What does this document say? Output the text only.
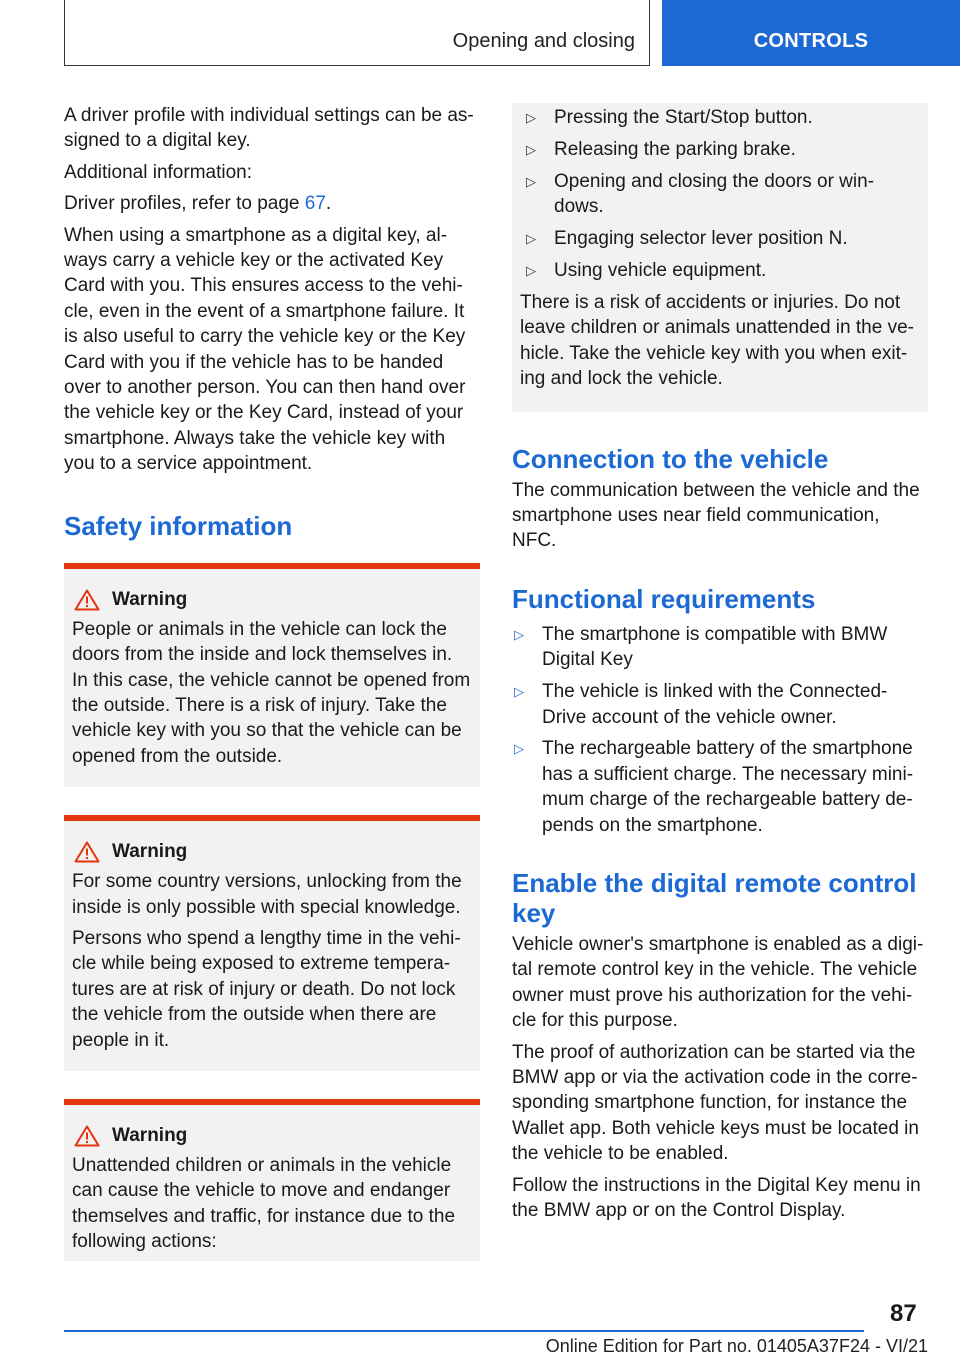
Opening and closing	CONTROLS

A driver profile with individual settings can be as-signed to a digital key.

Additional information:

Driver profiles, refer to page 67.

When using a smartphone as a digital key, al-ways carry a vehicle key or the activated Key Card with you. This ensures access to the vehi-cle, even in the event of a smartphone failure. It is also useful to carry the vehicle key or the Key Card with you if the vehicle has to be handed over to another person. You can then hand over the vehicle key or the Key Card, instead of your smartphone. Always take the vehicle key with you to a service appointment.

Safety information
Warning

People or animals in the vehicle can lock the doors from the inside and lock themselves in. In this case, the vehicle cannot be opened from the outside. There is a risk of injury. Take the vehicle key with you so that the vehicle can be opened from the outside.

Warning

For some country versions, unlocking from the inside is only possible with special knowledge.

Persons who spend a lengthy time in the vehi-cle while being exposed to extreme tempera-tures are at risk of injury or death. Do not lock the vehicle from the outside when there are people in it.

Warning

Unattended children or animals in the vehicle can cause the vehicle to move and endanger themselves and traffic, for instance due to the following actions:

▷ Pressing the Start/Stop button.
▷ Releasing the parking brake.
▷ Opening and closing the doors or win-dows.
▷ Engaging selector lever position N.
▷ Using vehicle equipment.

There is a risk of accidents or injuries. Do not leave children or animals unattended in the ve-hicle. Take the vehicle key with you when exit-ing and lock the vehicle.

Connection to the vehicle

The communication between the vehicle and the smartphone uses near field communication, NFC.

Functional requirements
▷ The smartphone is compatible with BMW Digital Key
▷ The vehicle is linked with the Connected-Drive account of the vehicle owner.
▷ The rechargeable battery of the smartphone has a sufficient charge. The necessary mini-mum charge of the rechargeable battery de-pends on the smartphone.
Enable the digital remote control key

Vehicle owner's smartphone is enabled as a digi-tal remote control key in the vehicle. The vehicle owner must prove his authorization for the vehi-cle for this purpose.

The proof of authorization can be started via the BMW app or via the activation code in the corre-sponding smartphone function, for instance the Wallet app. Both vehicle keys must be located in the vehicle to be enabled.

Follow the instructions in the Digital Key menu in the BMW app or on the Control Display.

87
Online Edition for Part no. 01405A37F24 - VI/21
